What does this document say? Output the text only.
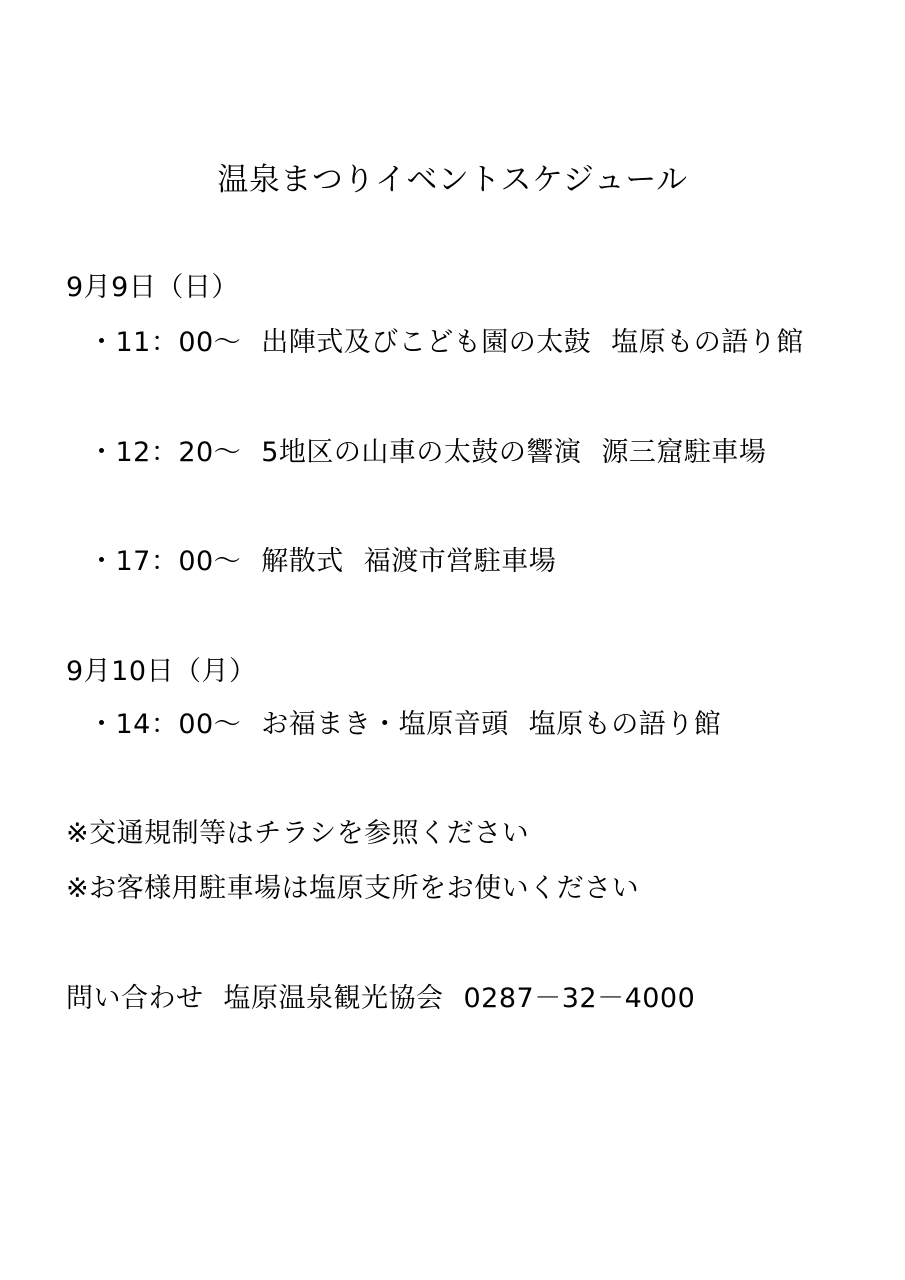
温泉まつりイベントスケジュール
9月9日（日）
・11：00～ 出陣式及びこども園の太鼓 塩原もの語り館
・12：20～ 5地区の山車の太鼓の響演 源三窟駐車場
・17：00～ 解散式 福渡市営駐車場
9月10日（月）
・14：00～ お福まき・塩原音頭 塩原もの語り館
※交通規制等はチラシを参照ください
※お客様用駐車場は塩原支所をお使いください
問い合わせ 塩原温泉観光協会 0287－32－4000
